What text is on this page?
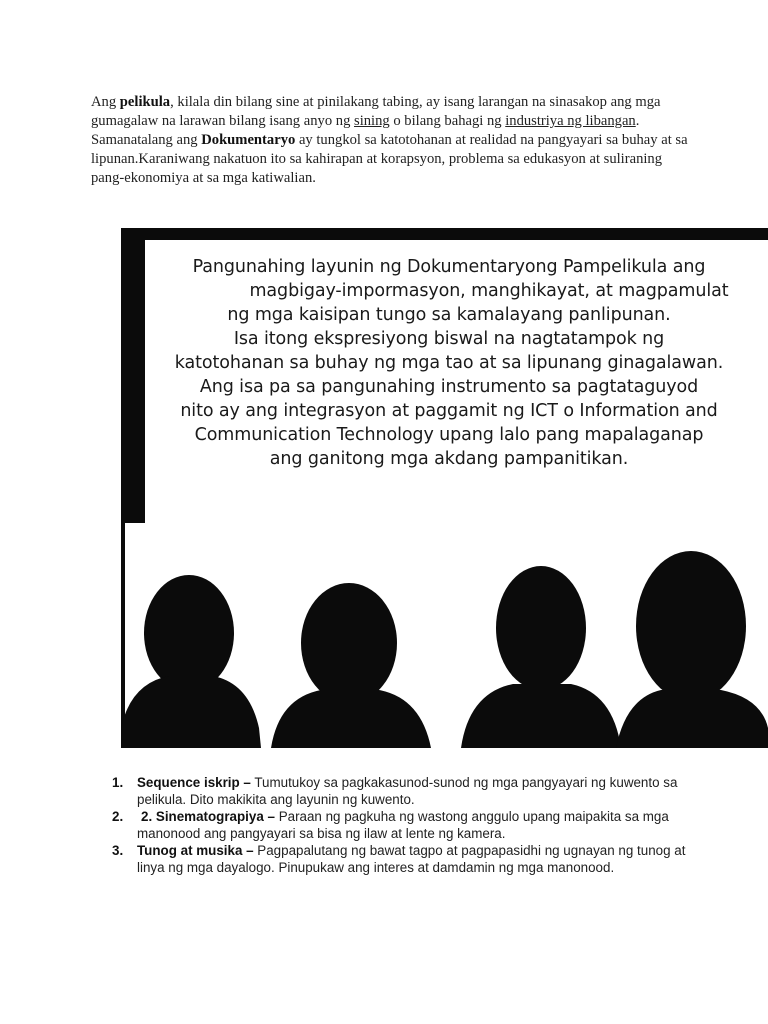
Ang pelikula, kilala din bilang sine at pinilakang tabing, ay isang larangan na sinasakop ang mga gumagalaw na larawan bilang isang anyo ng sining o bilang bahagi ng industriya ng libangan. Samanatalang ang Dokumentaryo ay tungkol sa katotohanan at realidad na pangyayari sa buhay at sa lipunan.Karaniwang nakatuon ito sa kahirapan at korapsyon, problema sa edukasyon at suliraning pang-ekonomiya at sa mga katiwalian.

Pangunahing layunin ng Dokumentaryong Pampelikula ang
magbigay-impormasyon, manghikayat, at magpamulat
ng mga kaisipan tungo sa kamalayang panlipunan.
Isa itong ekspresiyong biswal na nagtatampok ng
katotohanan sa buhay ng mga tao at sa lipunang ginagalawan.
Ang isa pa sa pangunahing instrumento sa pagtataguyod
nito ay ang integrasyon at paggamit ng ICT o Information and
Communication Technology upang lalo pang mapalaganap
ang ganitong mga akdang pampanitikan.
1. Sequence iskrip – Tumutukoy sa pagkakasunod-sunod ng mga pangyayari ng kuwento sa pelikula. Dito makikita ang layunin ng kuwento.
2. 2. Sinematograpiya – Paraan ng pagkuha ng wastong anggulo upang maipakita sa mga manonood ang pangyayari sa bisa ng ilaw at lente ng kamera.
3. Tunog at musika – Pagpapalutang ng bawat tagpo at pagpapasidhi ng ugnayan ng tunog at linya ng mga dayalogo. Pinupukaw ang interes at damdamin ng mga manonood.
